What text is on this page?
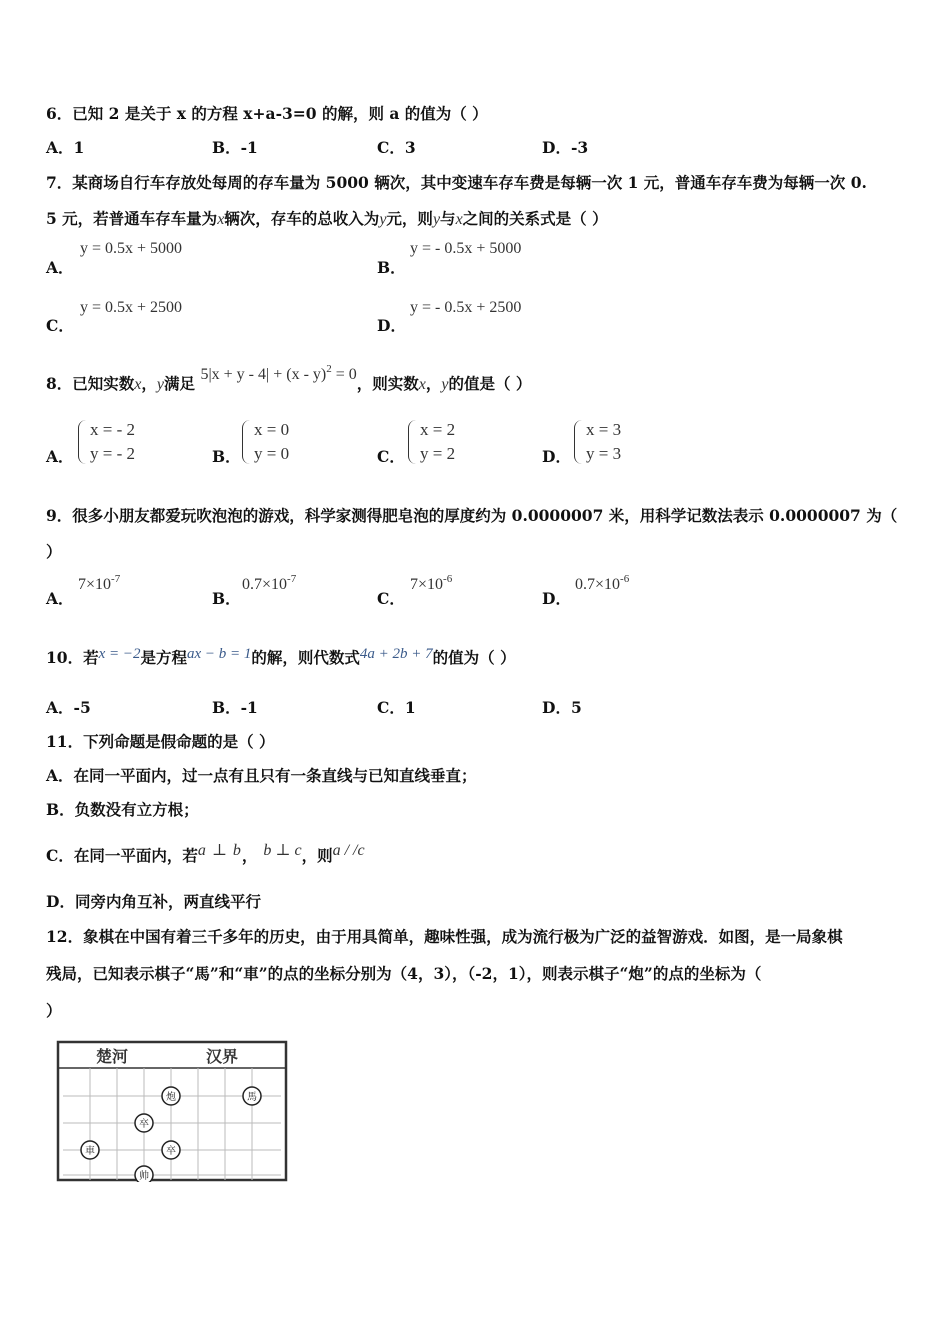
6．已知 2 是关于 x 的方程 x+a-3=0 的解，则 a 的值为（ ）
A．1	B．-1	C．3	D．-3
7．某商场自行车存放处每周的存车量为 5000 辆次，其中变速车存车费是每辆一次 1 元，普通车存车费为每辆一次 0.
5 元，若普通车存车量为x辆次，存车的总收入为y元，则y与x之间的关系式是（ ）
A．
y = 0.5x + 5000
B．
y = - 0.5x + 5000
C．
y = 0.5x + 2500
D．
y = - 0.5x + 2500
8．已知实数x，y满足 5|x + y - 4| + (x - y)$^2$ = 0，则实数x，y的值是（ ）
A．
x = - 2
y = - 2	B．
x = 0
y = 0	C．
x = 2
y = 2	D．
x = 3
y = 3
9．很多小朋友都爱玩吹泡泡的游戏，科学家测得肥皂泡的厚度约为 0.0000007 米，用科学记数法表示 0.0000007 为（
）
A．
$7\times 10^{-7}$
B．
$0.7\times 10^{-7}$
C．
$7\times 10^{-6}$
D．
$0.7\times 10^{-6}$
10．若x = −2是方程ax − b = 1的解，则代数式4a + 2b + 7的值为（ ）
A．-5	B．-1	C．1	D．5
11．下列命题是假命题的是（ ）
A．在同一平面内，过一点有且只有一条直线与已知直线垂直；
B．负数没有立方根；
C．在同一平面内，若a ⊥ b， b ⊥ c，则a / /c
D．同旁内角互补，两直线平行
12．象棋在中国有着三千多年的历史，由于用具简单，趣味性强，成为流行极为广泛的益智游戏．如图，是一局象棋
残局，已知表示棋子“馬”和“車”的点的坐标分别为（4，3），（-2，1），则表示棋子“炮”的点的坐标为（
）
楚河	汉界
炮	馬
卒
車	卒
帅
